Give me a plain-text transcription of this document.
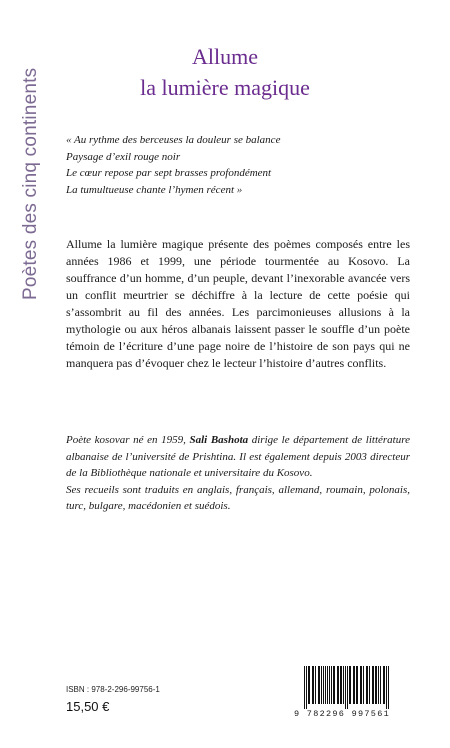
Poètes des cinq continents
Allume
la lumière magique
« Au rythme des berceuses la douleur se balance
Paysage d’exil rouge noir
Le cœur repose par sept brasses profondément
La tumultueuse chante l’hymen récent »
Allume la lumière magique présente des poèmes composés entre les années 1986 et 1999, une période tourmentée au Kosovo. La souffrance d’un homme, d’un peuple, devant l’inexorable avancée vers un conflit meurtrier se déchiffre à la lecture de cette poésie qui s’assombrit au fil des années. Les parcimonieuses allusions à la mythologie ou aux héros albanais laissent passer le souffle d’un poète témoin de l’écriture d’une page noire de l’histoire de son pays qui ne manquera pas d’évoquer chez le lecteur l’histoire d’autres conflits.

Poète kosovar né en 1959, Sali Bashota dirige le département de littérature albanaise de l’université de Prishtina. Il est également depuis 2003 directeur de la Bibliothèque nationale et universitaire du Kosovo.

Ses recueils sont traduits en anglais, français, allemand, roumain, polonais, turc, bulgare, macédonien et suédois.

ISBN : 978-2-296-99756-1
15,50 €	9 782296 997561
